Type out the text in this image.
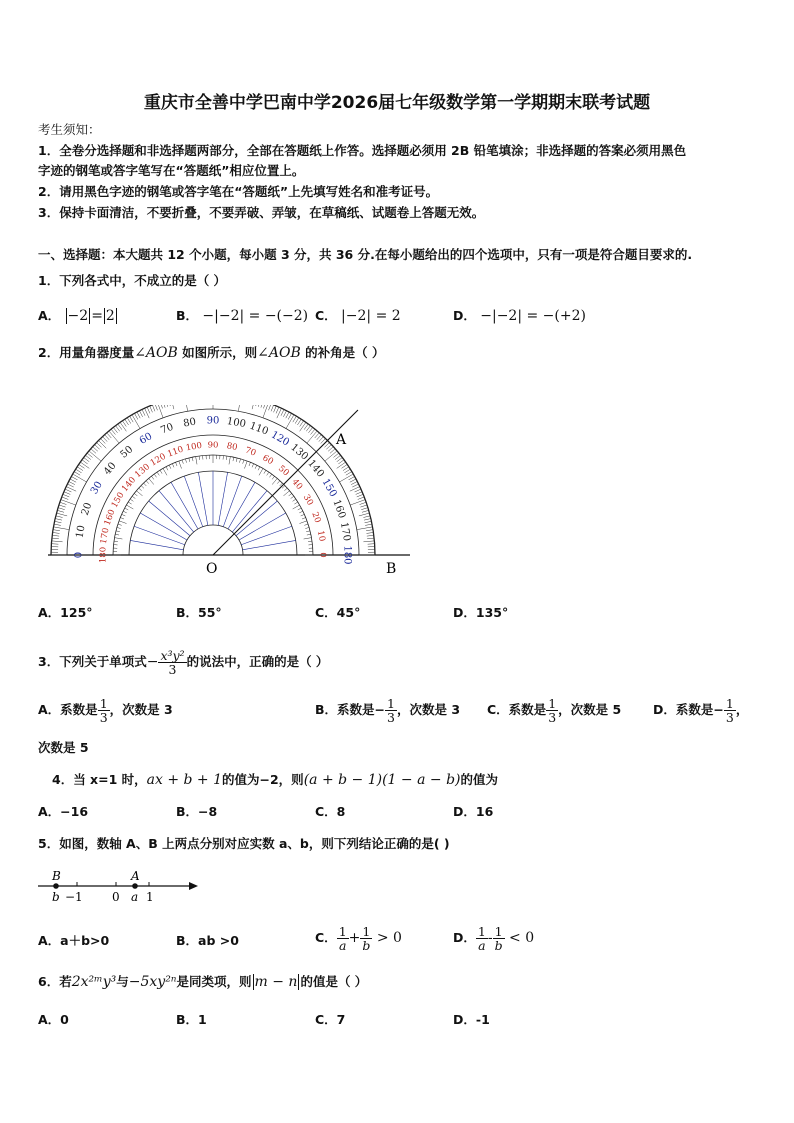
重庆市全善中学巴南中学2026届七年级数学第一学期期末联考试题
考生须知：
1．全卷分选择题和非选择题两部分，全部在答题纸上作答。选择题必须用 2B 铅笔填涂；非选择题的答案必须用黑色
字迹的钢笔或答字笔写在“答题纸”相应位置上。
2．请用黑色字迹的钢笔或答字笔在“答题纸”上先填写姓名和准考证号。
3．保持卡面清洁，不要折叠，不要弄破、弄皱，在草稿纸、试题卷上答题无效。
一、选择题：本大题共 12 个小题，每小题 3 分，共 36 分.在每小题给出的四个选项中，只有一项是符合题目要求的.
1．下列各式中，不成立的是（ ）
A． −2 = 2	B． −|−2| = −(−2) C． |−2| = 2	D． −|−2| = −(+2)
2．用量角器度量∠AOB 如图所示，则∠AOB 的补角是（ ）
0
10
20
30
40
50
60
70 80 90 100 110
120
130
140
150
160
170
180
180
170
160
150
140
130
120
110 100 90 80 70
60
50
40
30
20
10
0
A
O	B
A．125°	B．55°	C．45°	D．135°
3．下列关于单项式− $\frac{\text{x³y²}}{3}$ 的说法中，正确的是（ ）
A．系数是 $\frac{1}{3}$ ，次数是 3	B．系数是− $\frac{1}{3}$ ，次数是 3 C．系数是 $\frac{1}{3}$ ，次数是 5	D．系数是− $\frac{1}{3}$ ，
次数是 5
4．当 x=1 时，ax + b + 1的值为−2，则(a + b − 1)(1 − a − b)的值为
A．−16	B．−8	C．8	D．16
5．如图，数轴 A、B 上两点分别对应实数 a、b，则下列结论正确的是( )
B	A
b −1 0 a 1
A．a＋b>0	B．ab >0	C． $\frac{1}{a} + \frac{1}{b} > 0$	D． $\frac{1}{a} - \frac{1}{b} < 0$
6．若2x²ᵐy³与−5xy²ⁿ是同类项，则 m − n 的值是（ ）
A．0	B．1	C．7	D．-1
